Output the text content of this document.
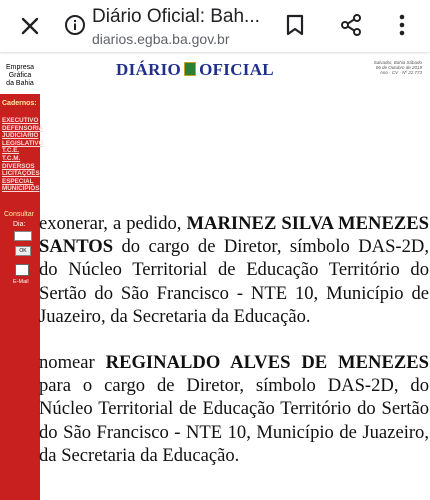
Diário Oficial: Bah...
diarios.egba.ba.gov.br
Empresa
Gráfica
da Bahia
DIÁRIO OFICIAL	Salvador, Bahia Sábado
06 de Outubro de 2019
Ano · CV · Nº 22.773
Cadernos:
EXECUTIVO
DEFENSORIA
JUDICIÁRIO
LEGISLATIVO
T.C.E.
T.C.M.
DIVERSOS
LICITAÇÕES
ESPECIAL
MUNICÍPIOS
Consultar
Dia:
OK
E-Mail

exonerar, a pedido, MARINEZ SILVA MENEZES SANTOS do cargo de Diretor, símbolo DAS-2D, do Núcleo Territorial de Educação Território do Sertão do São Francisco - NTE 10, Município de Juazeiro, da Secretaria da Educação.

nomear REGINALDO ALVES DE MENEZES para o cargo de Diretor, símbolo DAS-2D, do Núcleo Territorial de Educação Território do Sertão do São Francisco - NTE 10, Município de Juazeiro, da Secretaria da Educação.
